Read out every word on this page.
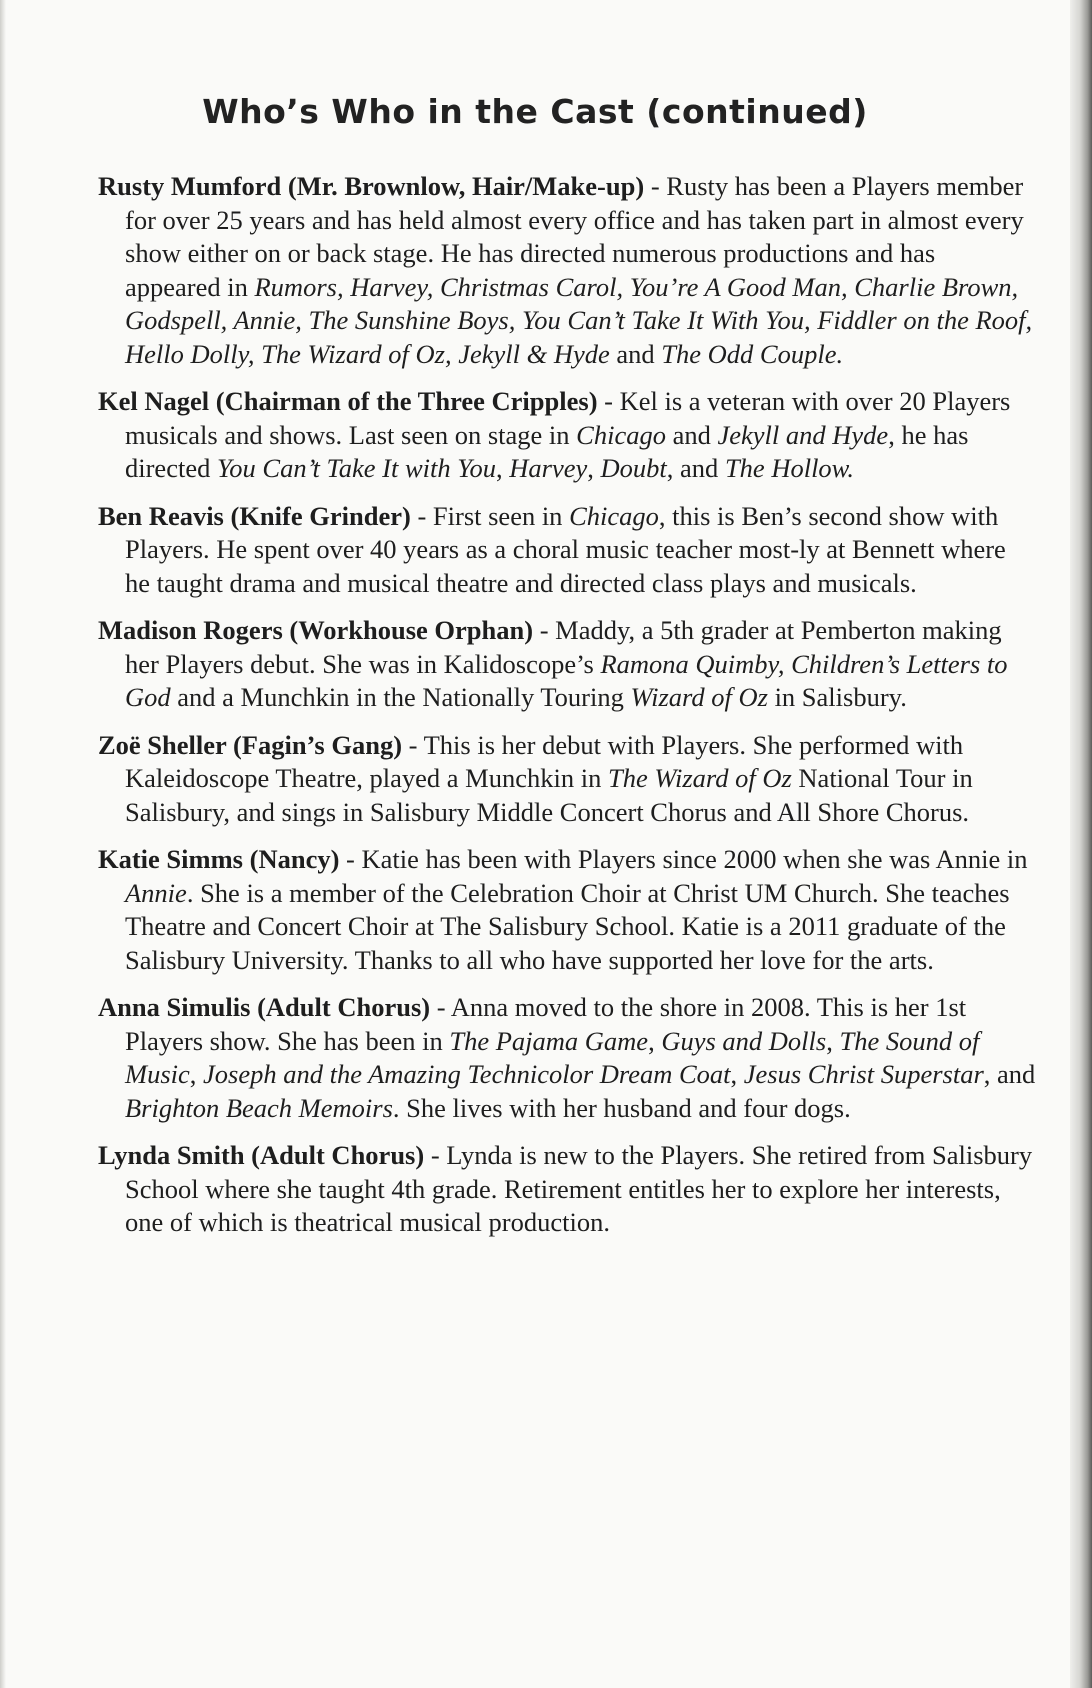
Who’s Who in the Cast (continued)

Rusty Mumford (Mr. Brownlow, Hair/Make-up) - Rusty has been a Players member for over 25 years and has held almost every office and has taken part in almost every show either on or back stage. He has directed numerous productions and has appeared in Rumors, Harvey, Christmas Carol, You’re A Good Man, Charlie Brown, Godspell, Annie, The Sunshine Boys, You Can’t Take It With You, Fiddler on the Roof, Hello Dolly, The Wizard of Oz, Jekyll & Hyde and The Odd Couple.

Kel Nagel (Chairman of the Three Cripples) - Kel is a veteran with over 20 Players musicals and shows. Last seen on stage in Chicago and Jekyll and Hyde, he has directed You Can’t Take It with You, Harvey, Doubt, and The Hollow.

Ben Reavis (Knife Grinder) - First seen in Chicago, this is Ben’s second show with Players. He spent over 40 years as a choral music teacher most-ly at Bennett where he taught drama and musical theatre and directed class plays and musicals.

Madison Rogers (Workhouse Orphan) - Maddy, a 5th grader at Pemberton making her Players debut. She was in Kalidoscope’s Ramona Quimby, Children’s Letters to God and a Munchkin in the Nationally Touring Wizard of Oz in Salisbury.

Zoë Sheller (Fagin’s Gang) - This is her debut with Players. She performed with Kaleidoscope Theatre, played a Munchkin in The Wizard of Oz National Tour in Salisbury, and sings in Salisbury Middle Concert Chorus and All Shore Chorus.

Katie Simms (Nancy) - Katie has been with Players since 2000 when she was Annie in Annie. She is a member of the Celebration Choir at Christ UM Church. She teaches Theatre and Concert Choir at The Salisbury School. Katie is a 2011 graduate of the Salisbury University. Thanks to all who have supported her love for the arts.

Anna Simulis (Adult Chorus) - Anna moved to the shore in 2008. This is her 1st Players show. She has been in The Pajama Game, Guys and Dolls, The Sound of Music, Joseph and the Amazing Technicolor Dream Coat, Jesus Christ Superstar, and Brighton Beach Memoirs. She lives with her husband and four dogs.

Lynda Smith (Adult Chorus) - Lynda is new to the Players. She retired from Salisbury School where she taught 4th grade. Retirement entitles her to explore her interests, one of which is theatrical musical production.
